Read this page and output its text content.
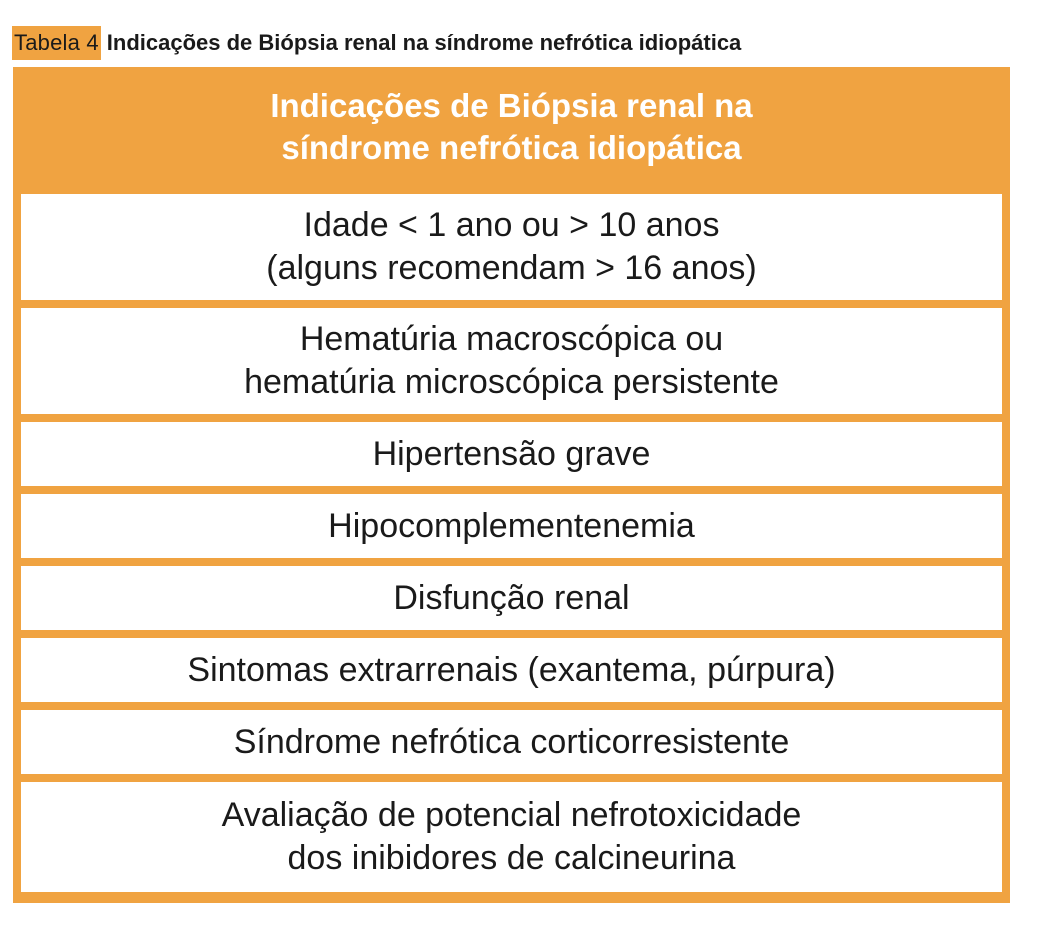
Tabela 4 Indicações de Biópsia renal na síndrome nefrótica idiopática
Indicações de Biópsia renal na
síndrome nefrótica idiopática
Idade < 1 ano ou > 10 anos
(alguns recomendam > 16 anos)
Hematúria macroscópica ou
hematúria microscópica persistente
Hipertensão grave
Hipocomplementenemia
Disfunção renal
Sintomas extrarrenais (exantema, púrpura)
Síndrome nefrótica corticorresistente
Avaliação de potencial nefrotoxicidade
dos inibidores de calcineurina
